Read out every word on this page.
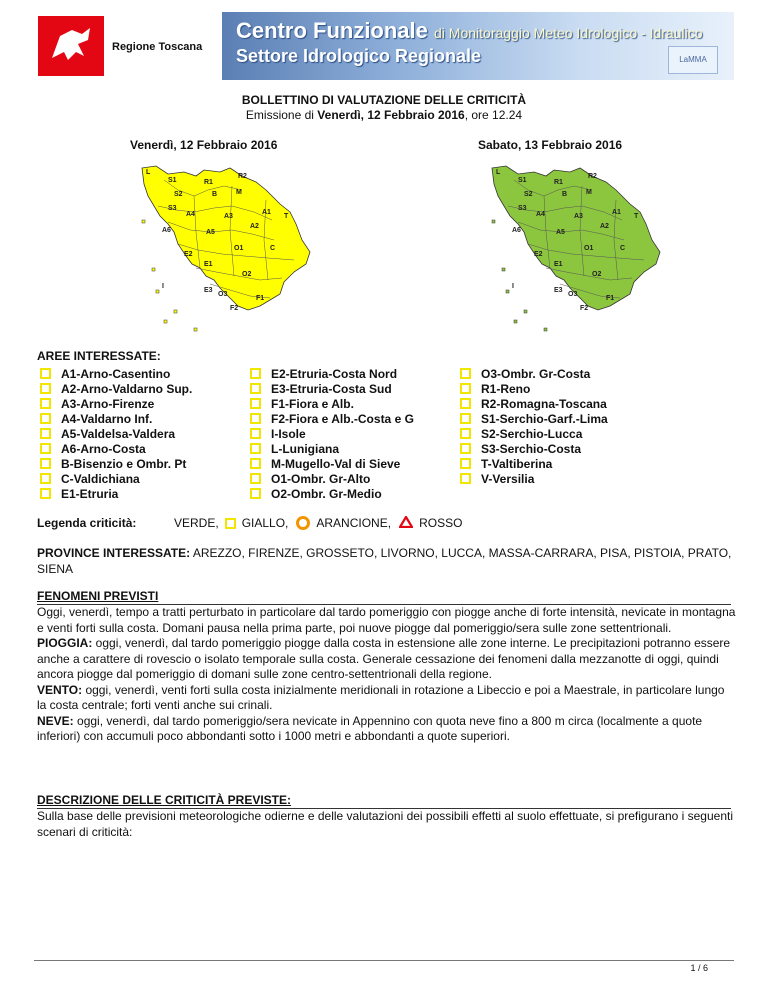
Regione Toscana
Centro Funzionale di Monitoraggio Meteo Idrologico - Idraulico
Settore Idrologico Regionale	LaMMA
BOLLETTINO DI VALUTAZIONE DELLE CRITICITÀ
Emissione di Venerdì, 12 Febbraio 2016, ore 12.24
Venerdì, 12 Febbraio 2016	Sabato, 13 Febbraio 2016
L
S1	R1
R2
S2	B	M
S3
A4	A3
A1
T
A6
A2
A5
C
O1
E2
E1
O2
I
E3
O3
F1
F2
L
S1	R1
R2
S2	B	M
S3
A4	A3
A1
T
A6
A2
A5
C
O1
E2
E1
O2
I
E3
O3
F1
F2
AREE INTERESSATE:
A1-Arno-Casentino
A2-Arno-Valdarno Sup.
A3-Arno-Firenze
A4-Valdarno Inf.
A5-Valdelsa-Valdera
A6-Arno-Costa
B-Bisenzio e Ombr. Pt
C-Valdichiana
E1-Etruria
E2-Etruria-Costa Nord
E3-Etruria-Costa Sud
F1-Fiora e Alb.
F2-Fiora e Alb.-Costa e G
I-Isole
L-Lunigiana
M-Mugello-Val di Sieve
O1-Ombr. Gr-Alto
O2-Ombr. Gr-Medio
O3-Ombr. Gr-Costa
R1-Reno
R2-Romagna-Toscana
S1-Serchio-Garf.-Lima
S2-Serchio-Lucca
S3-Serchio-Costa
T-Valtiberina
V-Versilia
Legenda criticità:	VERDE, GIALLO, ARANCIONE, ROSSO
PROVINCE INTERESSATE: AREZZO, FIRENZE, GROSSETO, LIVORNO, LUCCA, MASSA-CARRARA, PISA, PISTOIA, PRATO, SIENA
FENOMENI PREVISTI
Oggi, venerdì, tempo a tratti perturbato in particolare dal tardo pomeriggio con piogge anche di forte intensità, nevicate in montagna e venti forti sulla costa. Domani pausa nella prima parte, poi nuove piogge dal pomeriggio/sera sulle zone settentrionali.
PIOGGIA: oggi, venerdì, dal tardo pomeriggio piogge dalla costa in estensione alle zone interne. Le precipitazioni potranno essere anche a carattere di rovescio o isolato temporale sulla costa. Generale cessazione dei fenomeni dalla mezzanotte di oggi, quindi ancora piogge dal pomeriggio di domani sulle zone centro-settentrionali della regione.
VENTO: oggi, venerdì, venti forti sulla costa inizialmente meridionali in rotazione a Libeccio e poi a Maestrale, in particolare lungo la costa centrale; forti venti anche sui crinali.
NEVE: oggi, venerdì, dal tardo pomeriggio/sera nevicate in Appennino con quota neve fino a 800 m circa (localmente a quote inferiori) con accumuli poco abbondanti sotto i 1000 metri e abbondanti a quote superiori.
DESCRIZIONE DELLE CRITICITÀ PREVISTE:
Sulla base delle previsioni meteorologiche odierne e delle valutazioni dei possibili effetti al suolo effettuate, si prefigurano i seguenti scenari di criticità:
1 / 6
